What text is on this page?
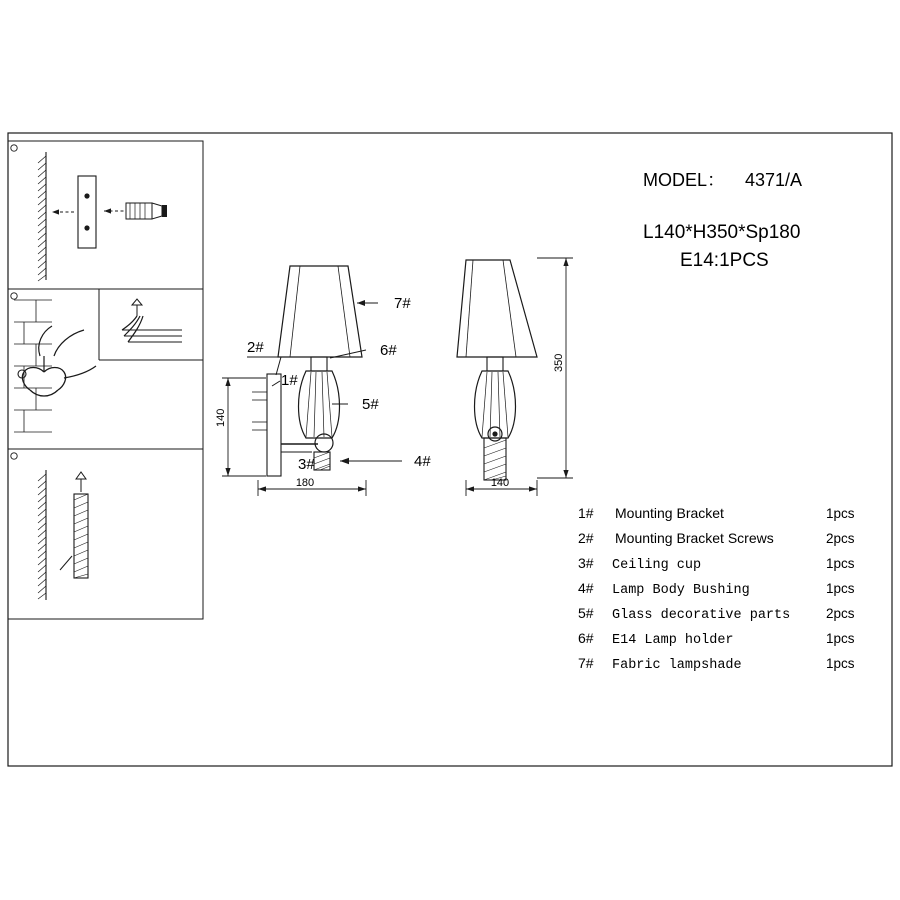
MODEL： 4371/A
L140*H350*Sp180
E14:1PCS
7#
6#
5#
4#
3#
2#
1#
350
140
180	140
1# Mounting Bracket	1pcs
2# Mounting Bracket Screws	2pcs
3# Ceiling cup	1pcs
4# Lamp Body Bushing	1pcs
5# Glass decorative parts	2pcs
6# E14 Lamp holder	1pcs
7# Fabric lampshade	1pcs
